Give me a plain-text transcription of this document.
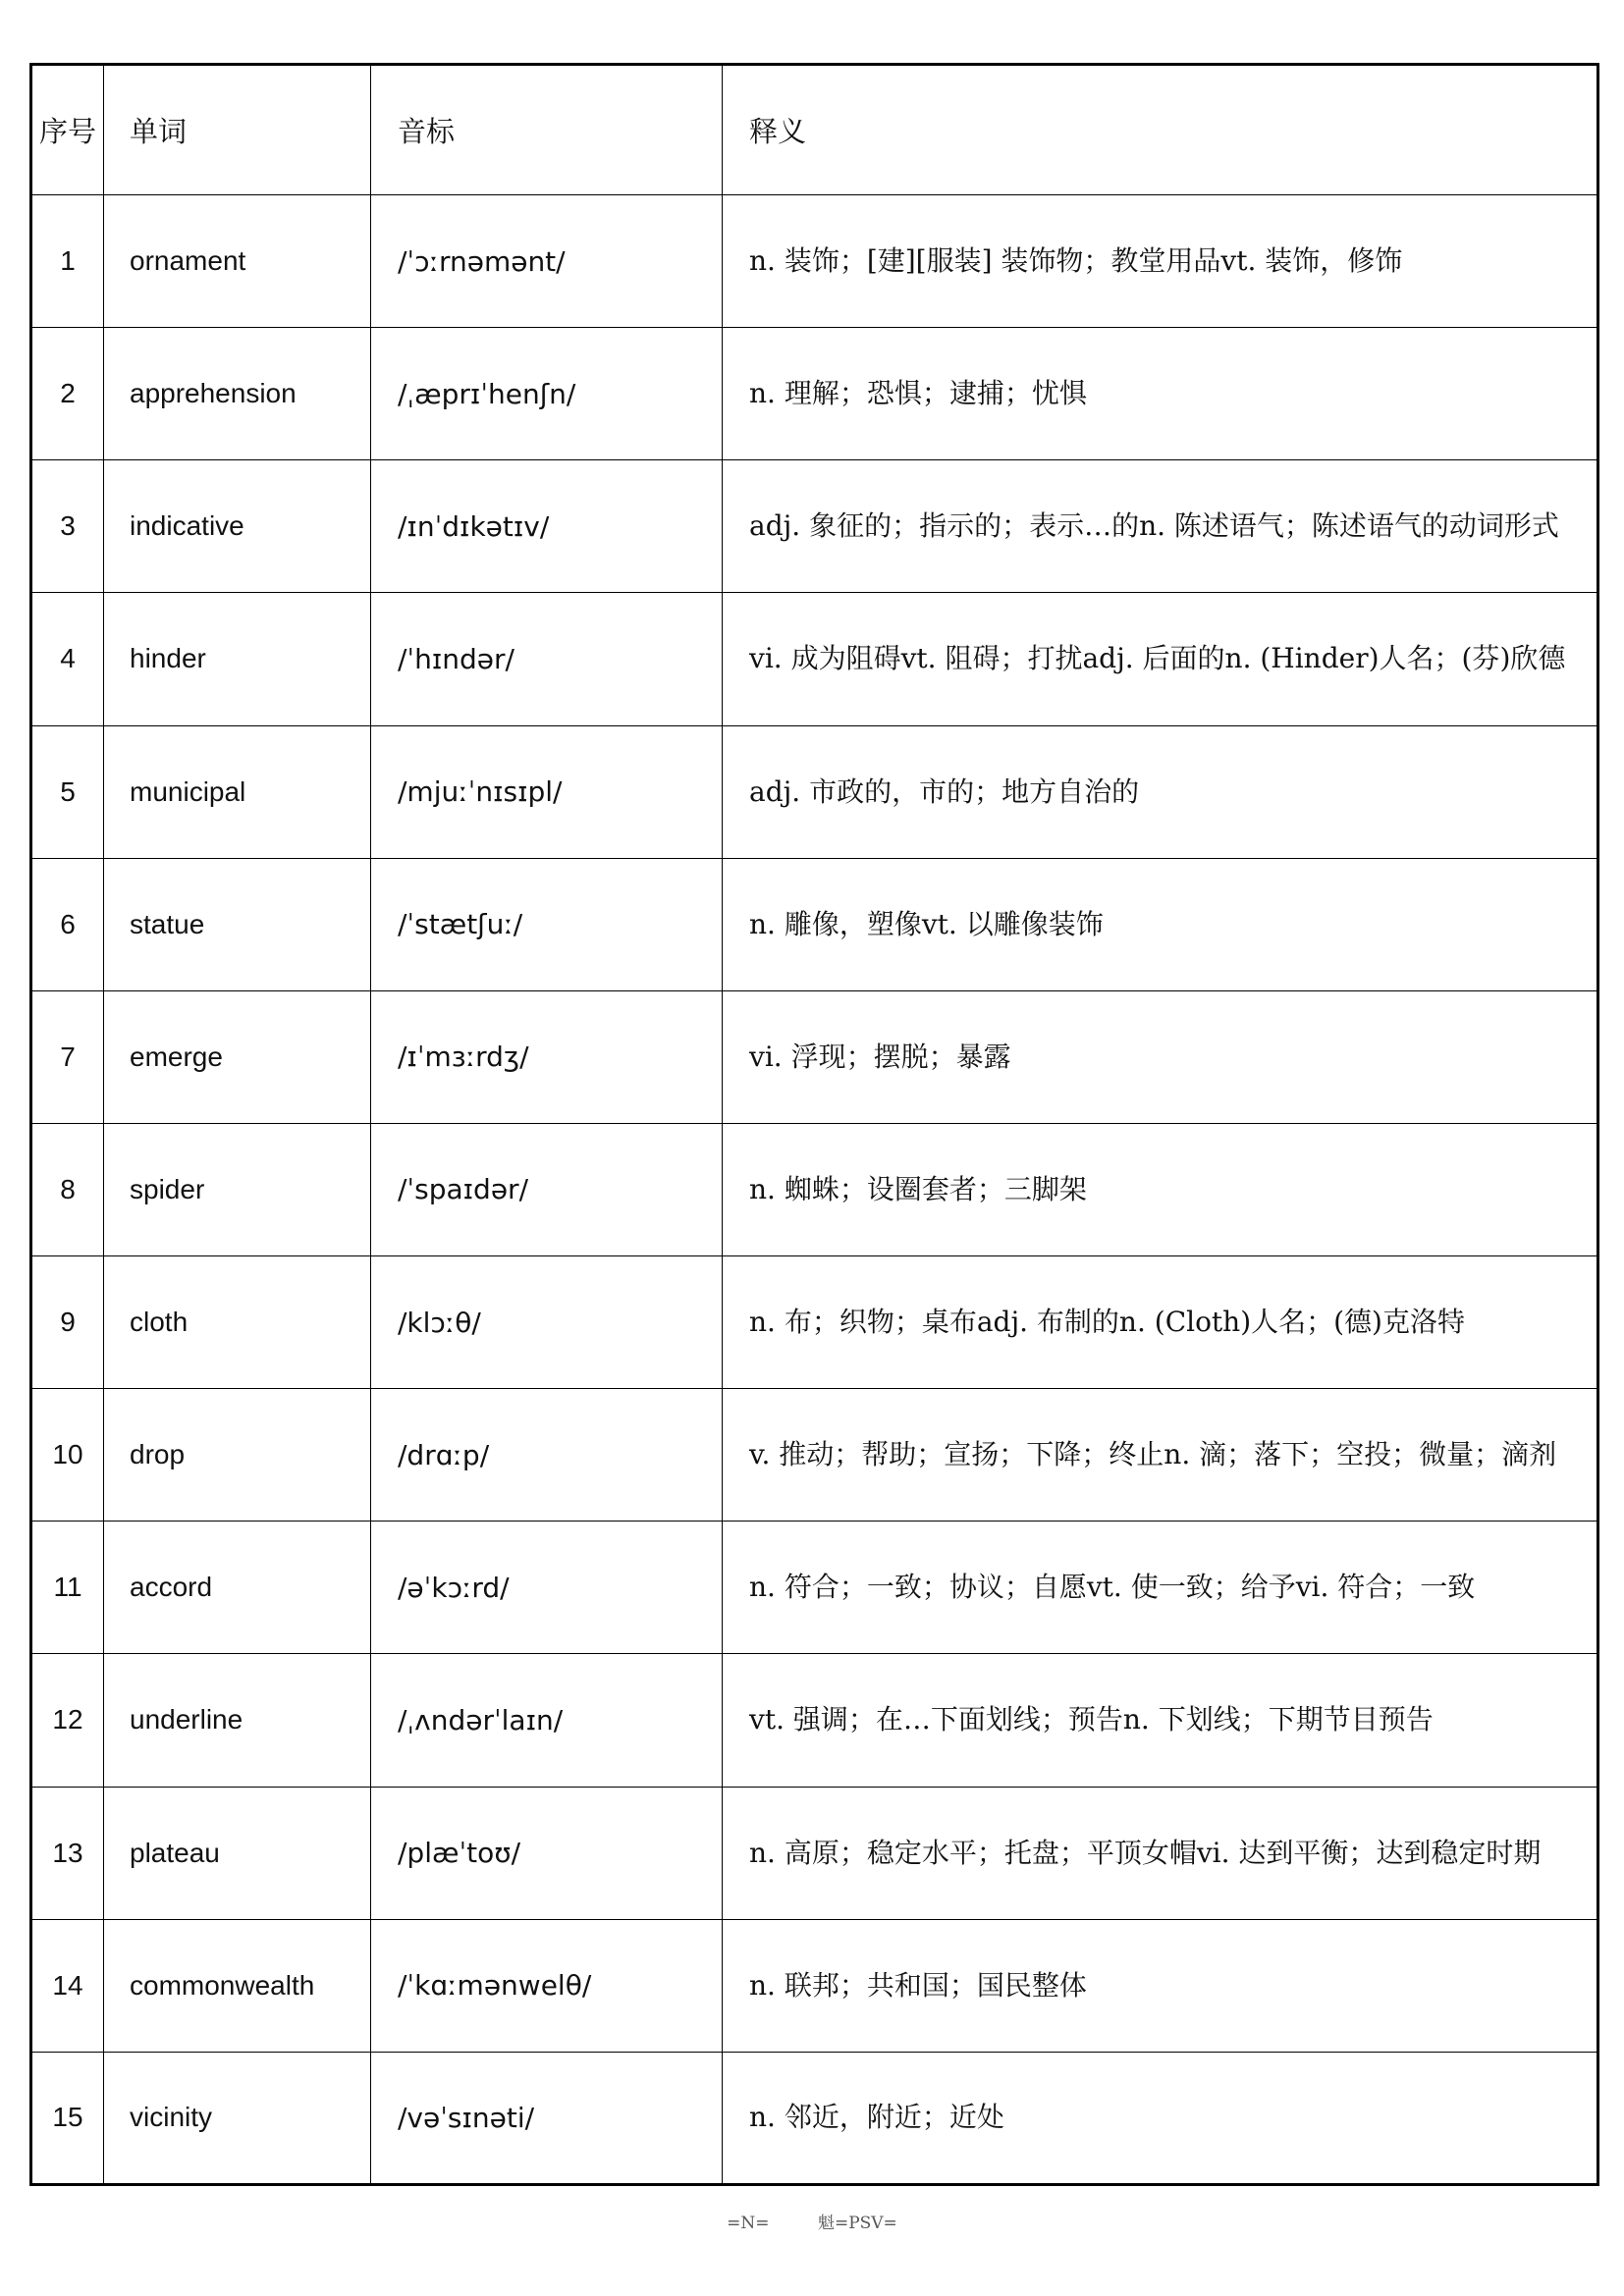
序号	单词	音标	释义
1	ornament	/ˈɔːrnəmənt/	n. 装饰；[建][服装] 装饰物；教堂用品vt. 装饰，修饰
2	apprehension	/ˌæprɪˈhenʃn/	n. 理解；恐惧；逮捕；忧惧
3	indicative	/ɪnˈdɪkətɪv/	adj. 象征的；指示的；表示…的n. 陈述语气；陈述语气的动词形式
4	hinder	/ˈhɪndər/	vi. 成为阻碍vt. 阻碍；打扰adj. 后面的n. (Hinder)人名；(芬)欣德
5	municipal	/mjuːˈnɪsɪpl/	adj. 市政的，市的；地方自治的
6	statue	/ˈstætʃuː/	n. 雕像，塑像vt. 以雕像装饰
7	emerge	/ɪˈmɜːrdʒ/	vi. 浮现；摆脱；暴露
8	spider	/ˈspaɪdər/	n. 蜘蛛；设圈套者；三脚架
9	cloth	/klɔːθ/	n. 布；织物；桌布adj. 布制的n. (Cloth)人名；(德)克洛特
10	drop	/drɑːp/	v. 推动；帮助；宣扬；下降；终止n. 滴；落下；空投；微量；滴剂
11	accord	/əˈkɔːrd/	n. 符合；一致；协议；自愿vt. 使一致；给予vi. 符合；一致
12	underline	/ˌʌndərˈlaɪn/	vt. 强调；在…下面划线；预告n. 下划线；下期节目预告
13	plateau	/plæˈtoʊ/	n. 高原；稳定水平；托盘；平顶女帽vi. 达到平衡；达到稳定时期
14	commonwealth	/ˈkɑːmənwelθ/	n. 联邦；共和国；国民整体
15	vicinity	/vəˈsɪnəti/	n. 邻近，附近；近处
=N=	魁=PSV=
